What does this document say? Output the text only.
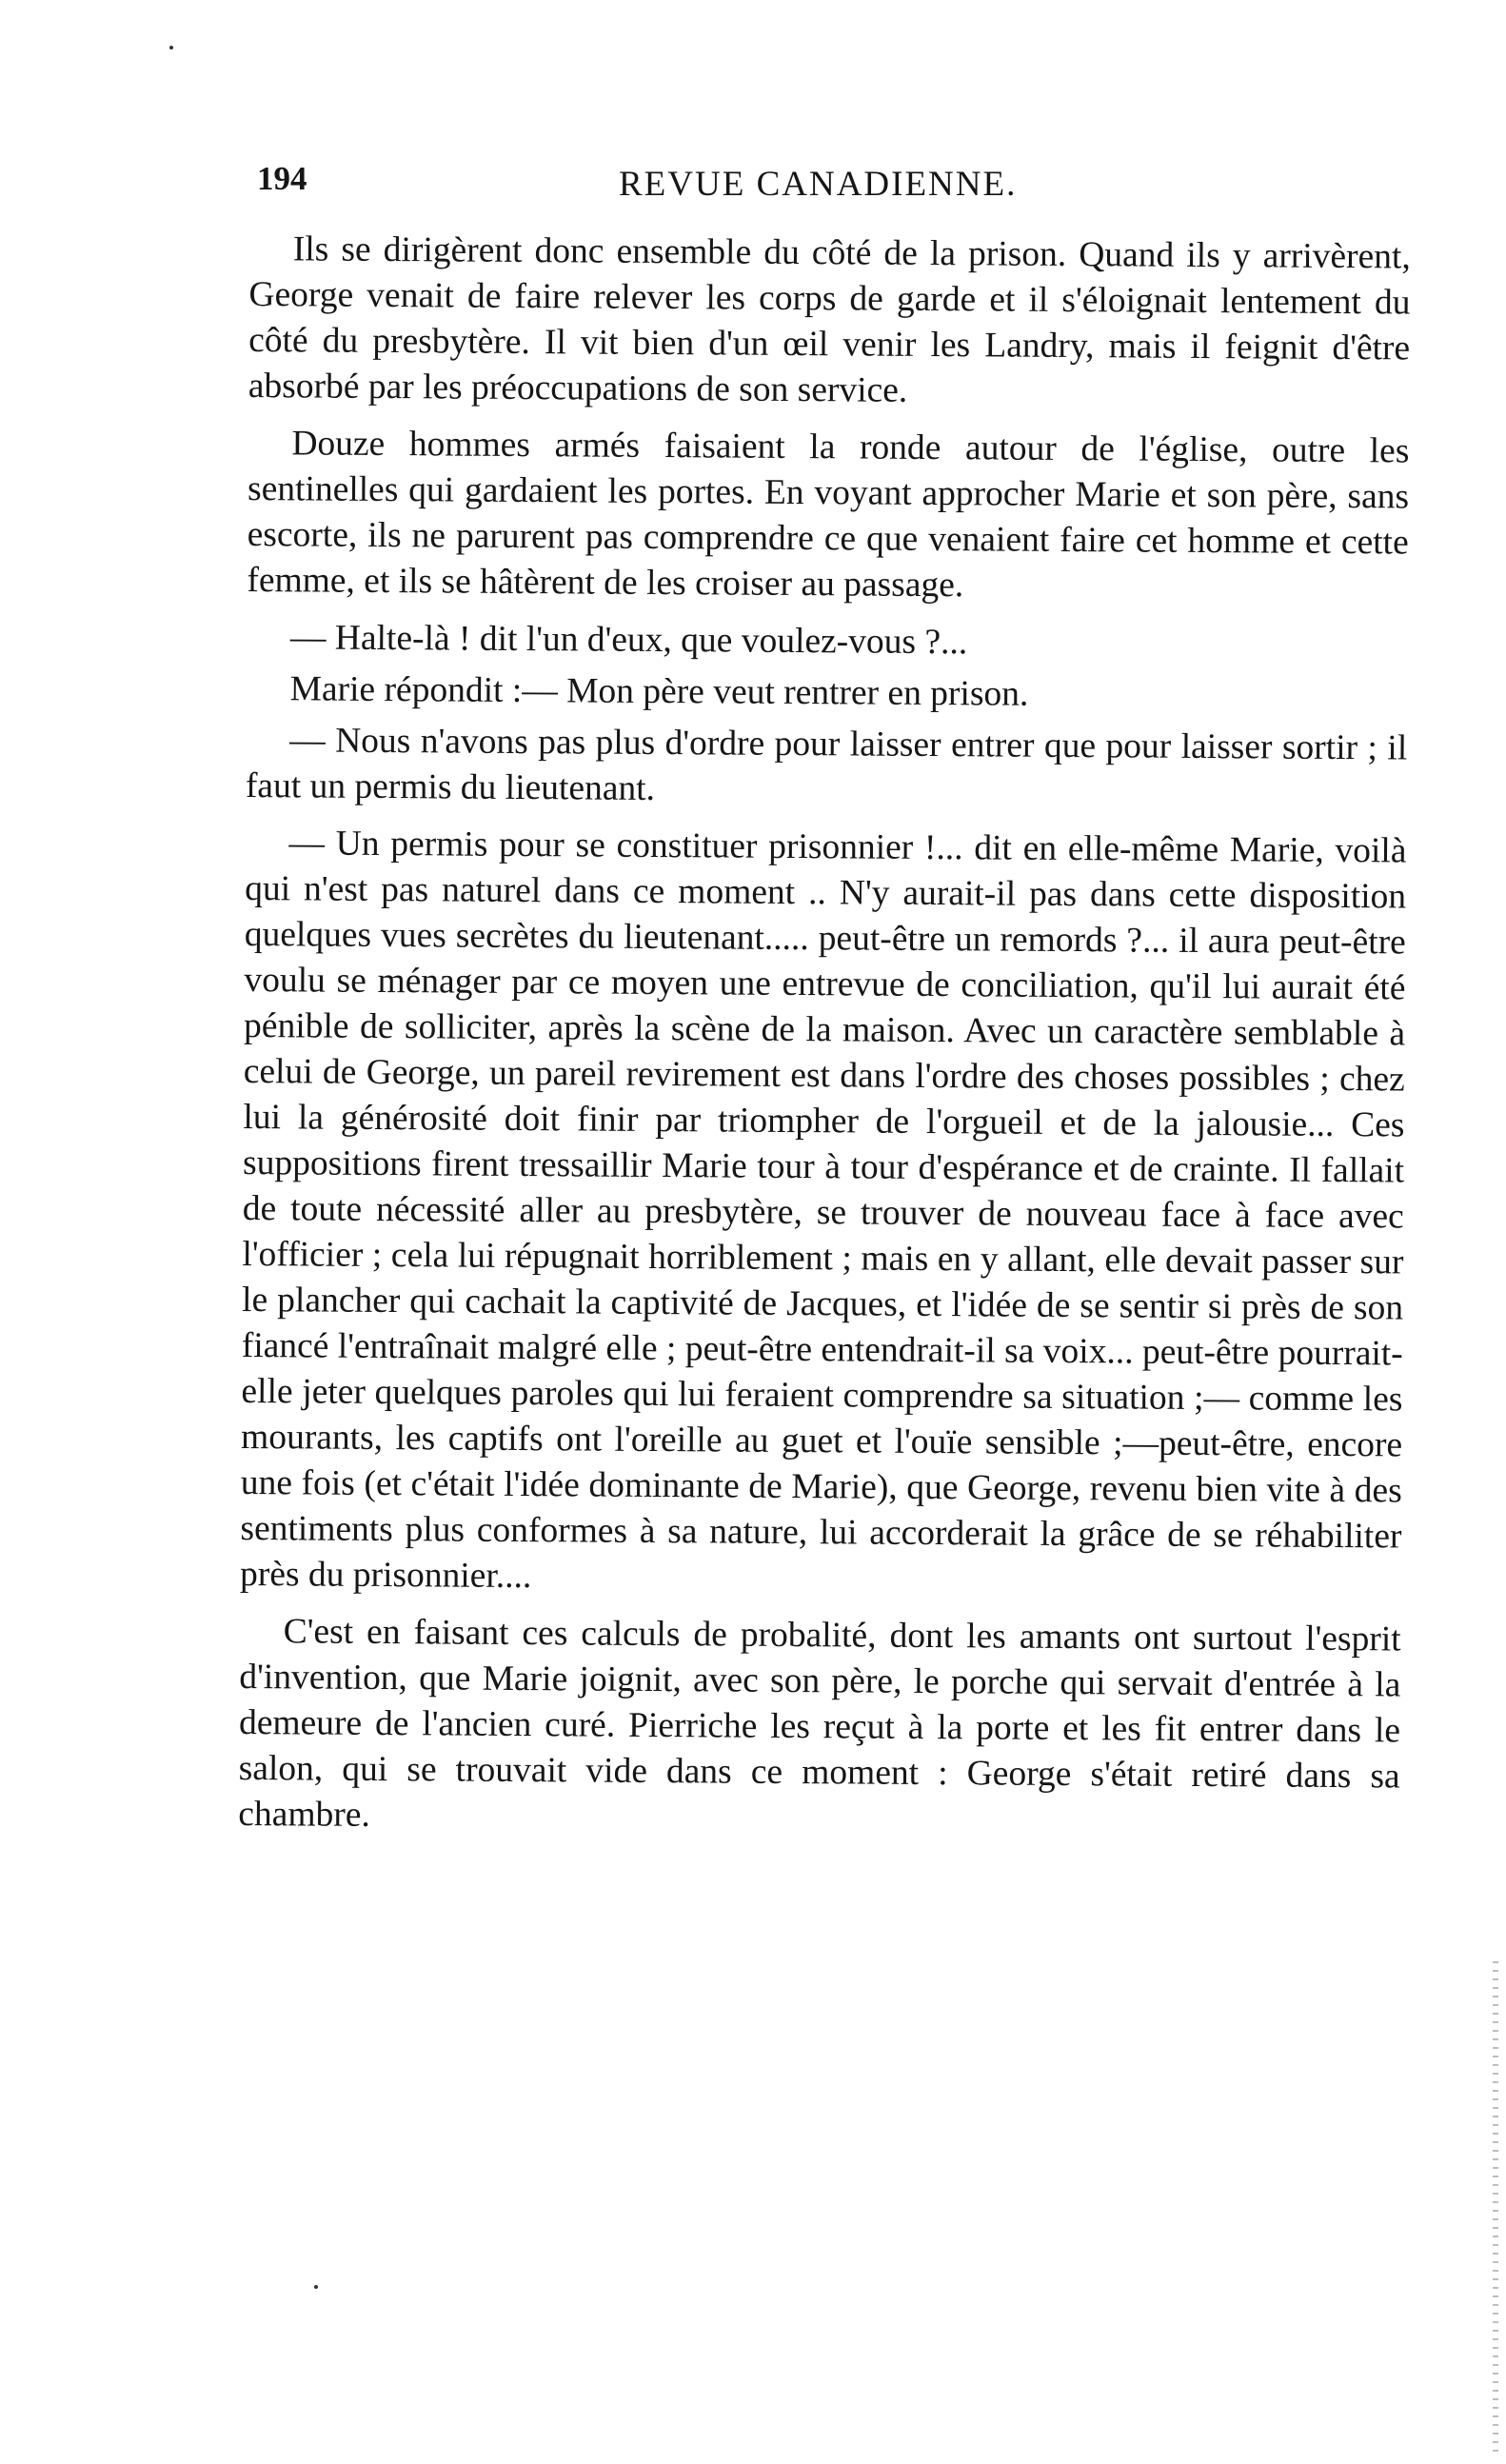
194	REVUE CANADIENNE.

Ils se dirigèrent donc ensemble du côté de la prison. Quand ils y arrivèrent, George venait de faire relever les corps de garde et il s'éloignait lentement du côté du presbytère. Il vit bien d'un œil venir les Landry, mais il feignit d'être absorbé par les préoccupations de son service.

Douze hommes armés faisaient la ronde autour de l'église, outre les sentinelles qui gardaient les portes. En voyant approcher Marie et son père, sans escorte, ils ne parurent pas comprendre ce que venaient faire cet homme et cette femme, et ils se hâtèrent de les croiser au passage.

— Halte-là ! dit l'un d'eux, que voulez-vous ?...

Marie répondit :— Mon père veut rentrer en prison.

— Nous n'avons pas plus d'ordre pour laisser entrer que pour laisser sortir ; il faut un permis du lieutenant.

— Un permis pour se constituer prisonnier !... dit en elle-même Marie, voilà qui n'est pas naturel dans ce moment .. N'y aurait-il pas dans cette disposition quelques vues secrètes du lieutenant..... peut-être un remords ?... il aura peut-être voulu se ménager par ce moyen une entrevue de conciliation, qu'il lui aurait été pénible de solliciter, après la scène de la maison. Avec un caractère semblable à celui de George, un pareil revirement est dans l'ordre des choses possibles ; chez lui la générosité doit finir par triompher de l'orgueil et de la jalousie... Ces suppositions firent tressaillir Marie tour à tour d'espérance et de crainte. Il fallait de toute nécessité aller au presbytère, se trouver de nouveau face à face avec l'officier ; cela lui répugnait horriblement ; mais en y allant, elle devait passer sur le plancher qui cachait la captivité de Jacques, et l'idée de se sentir si près de son fiancé l'entraînait malgré elle ; peut-être entendrait-il sa voix... peut-être pourrait-elle jeter quelques paroles qui lui feraient comprendre sa situation ;— comme les mourants, les captifs ont l'oreille au guet et l'ouïe sensible ;—peut-être, encore une fois (et c'était l'idée dominante de Marie), que George, revenu bien vite à des sentiments plus conformes à sa nature, lui accorderait la grâce de se réhabiliter près du prisonnier....

C'est en faisant ces calculs de probalité, dont les amants ont surtout l'esprit d'invention, que Marie joignit, avec son père, le porche qui servait d'entrée à la demeure de l'ancien curé. Pierriche les reçut à la porte et les fit entrer dans le salon, qui se trouvait vide dans ce moment : George s'était retiré dans sa chambre.
